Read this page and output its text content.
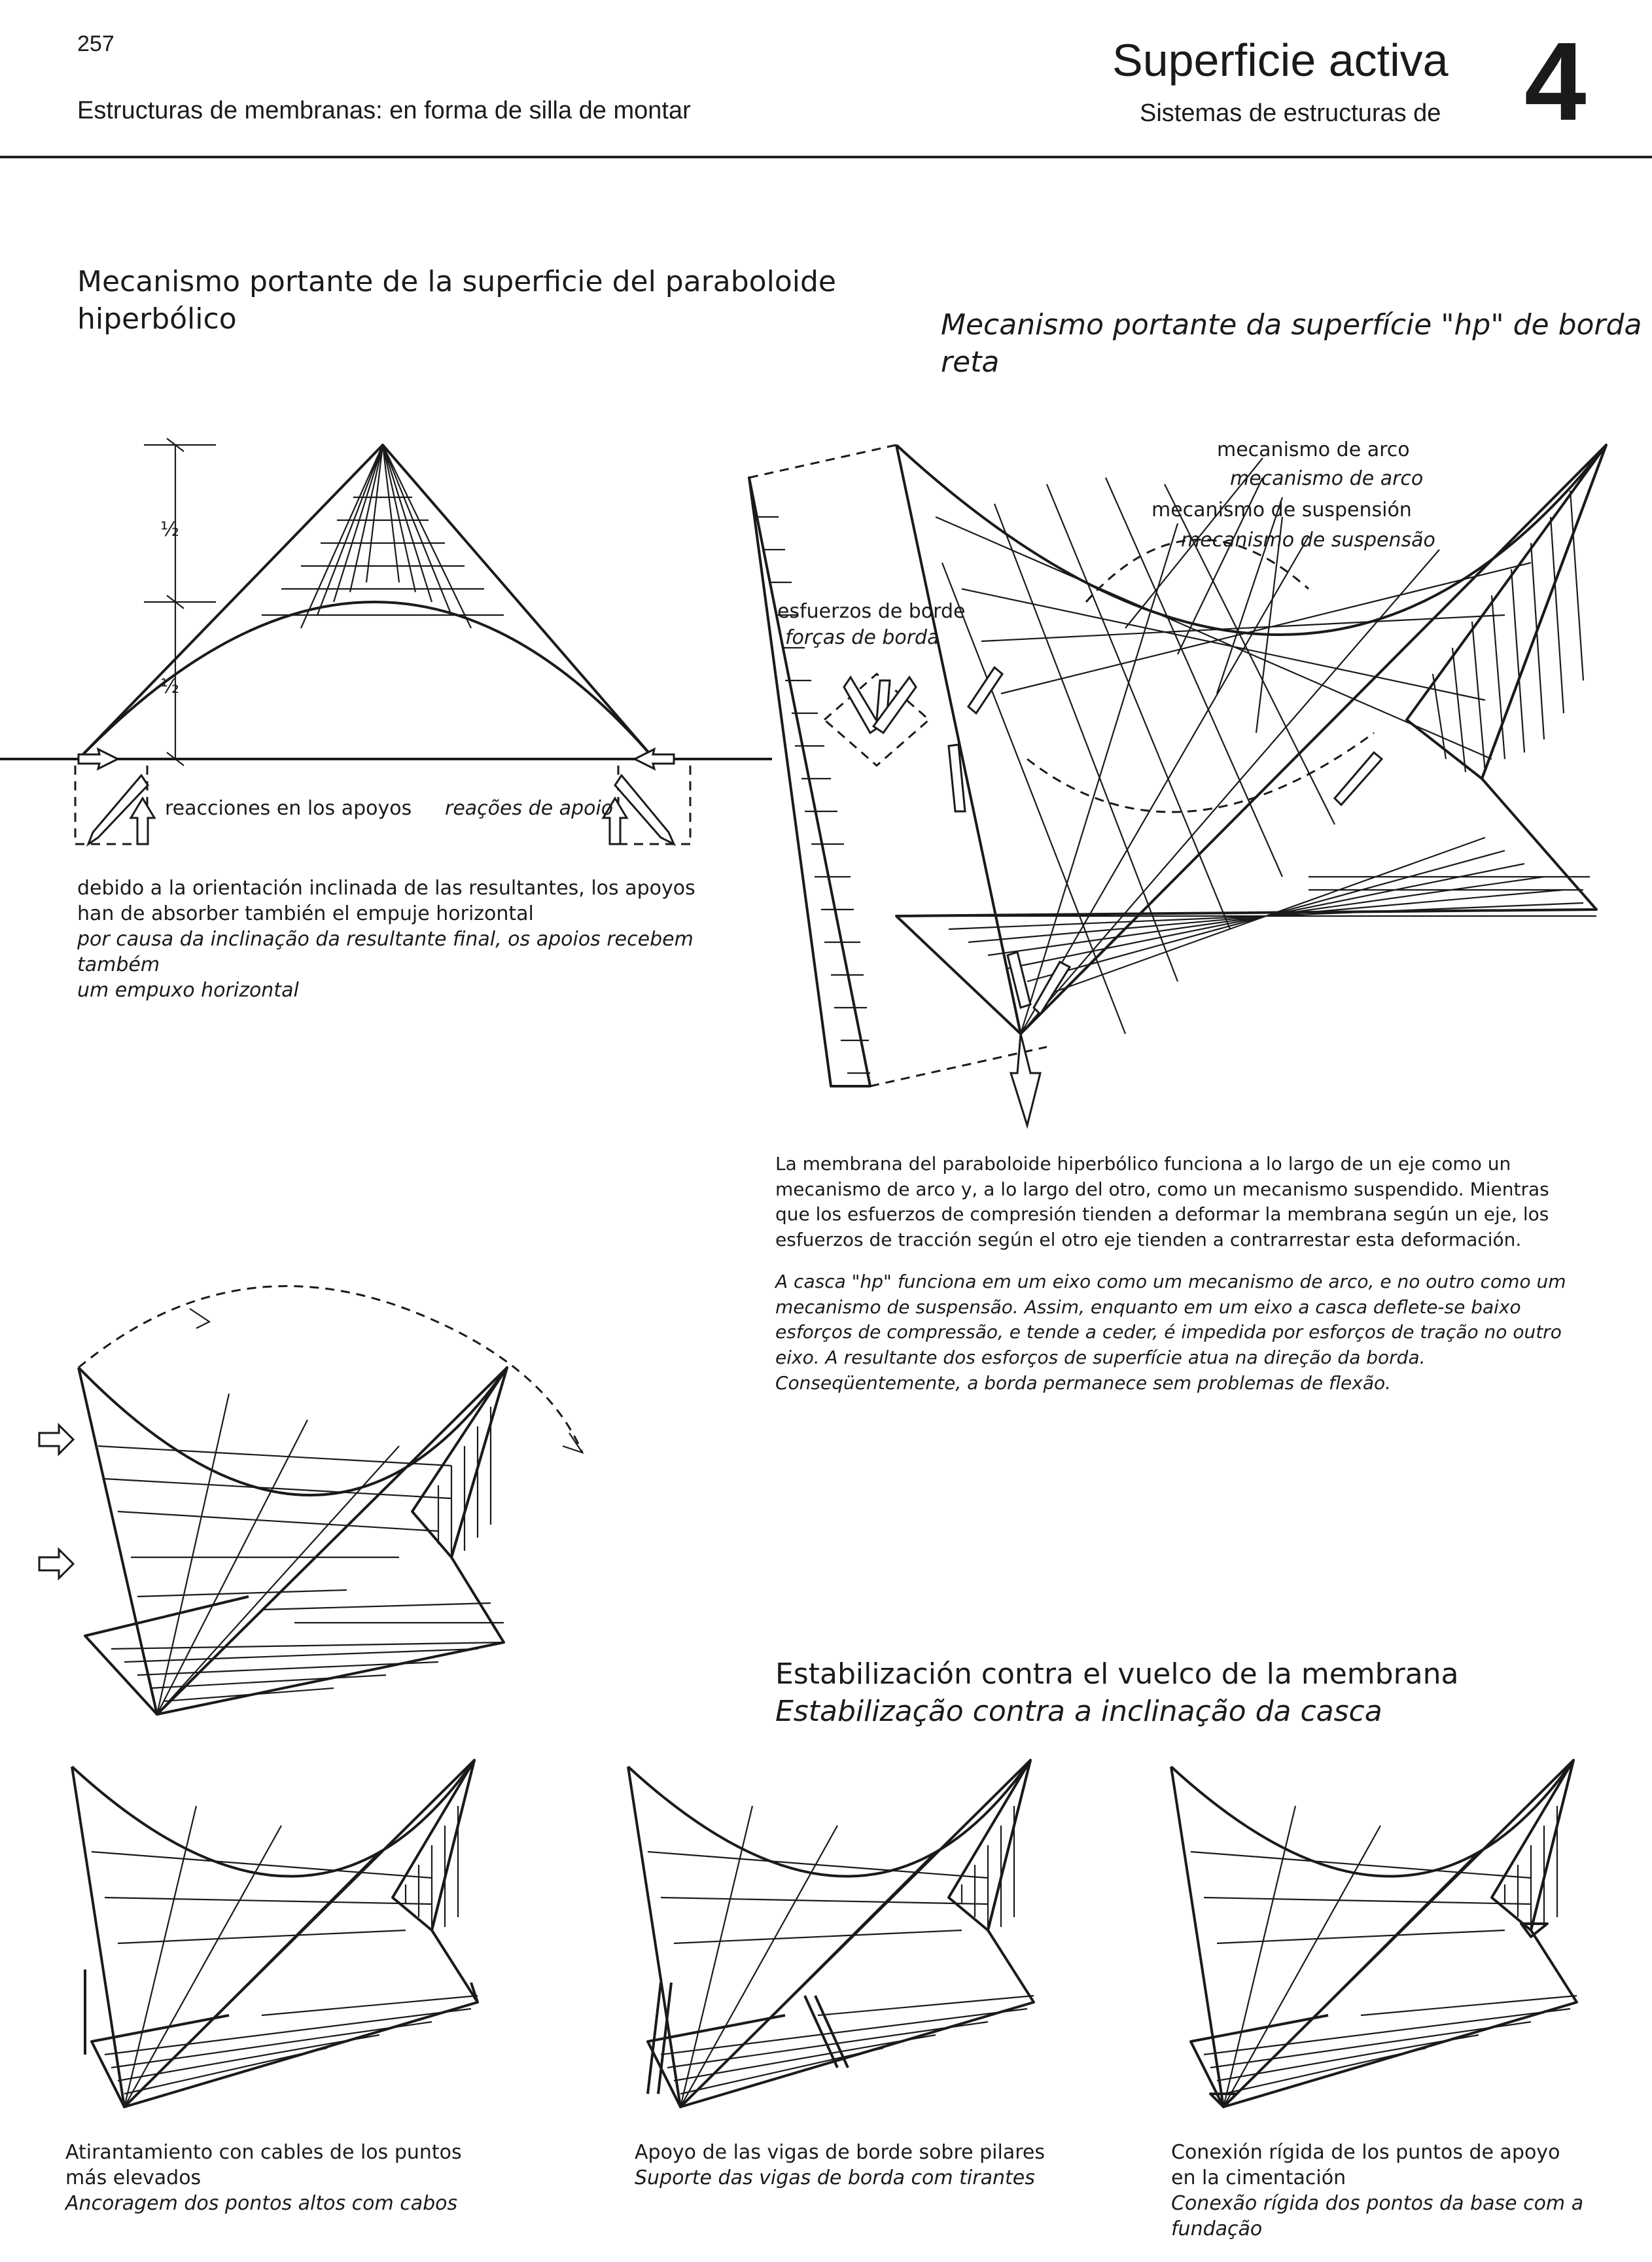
257
Estructuras de membranas: en forma de silla de montar
Superficie activa
Sistemas de estructuras de 4
Mecanismo portante de la superficie del paraboloide
hiperbólico
reacciones en los apoyos reações de apoio
½
½
debido a la orientación inclinada de las resultantes, los apoyos
han de absorber también el empuje horizontal
por causa da inclinação da resultante final, os apoios recebem também
um empuxo horizontal
Mecanismo portante da superfície "hp" de borda reta
mecanismo de arco
mecanismo de arco
mecanismo de suspensión
mecanismo de suspensão
esfuerzos de borde
forças de borda
La membrana del paraboloide hiperbólico funciona a lo largo de un eje como un mecanismo de arco y, a lo largo del otro, como un mecanismo suspendido. Mientras que los esfuerzos de compresión tienden a deformar la membrana según un eje, los esfuerzos de tracción según el otro eje tienden a contrarrestar esta deformación.
A casca "hp" funciona em um eixo como um mecanismo de arco, e no outro como um mecanismo de suspensão. Assim, enquanto em um eixo a casca deflete-se baixo esforços de compressão, e tende a ceder, é impedida por esforços de tração no outro eixo. A resultante dos esforços de superfície atua na direção da borda. Conseqüentemente, a borda permanece sem problemas de flexão.
Estabilización contra el vuelco de la membrana
Estabilização contra a inclinação da casca
Atirantamiento con cables de los puntos
más elevados
Ancoragem dos pontos altos com cabos
Apoyo de las vigas de borde sobre pilares
Suporte das vigas de borda com tirantes
Conexión rígida de los puntos de apoyo
en la cimentación
Conexão rígida dos pontos da base com a
fundação
